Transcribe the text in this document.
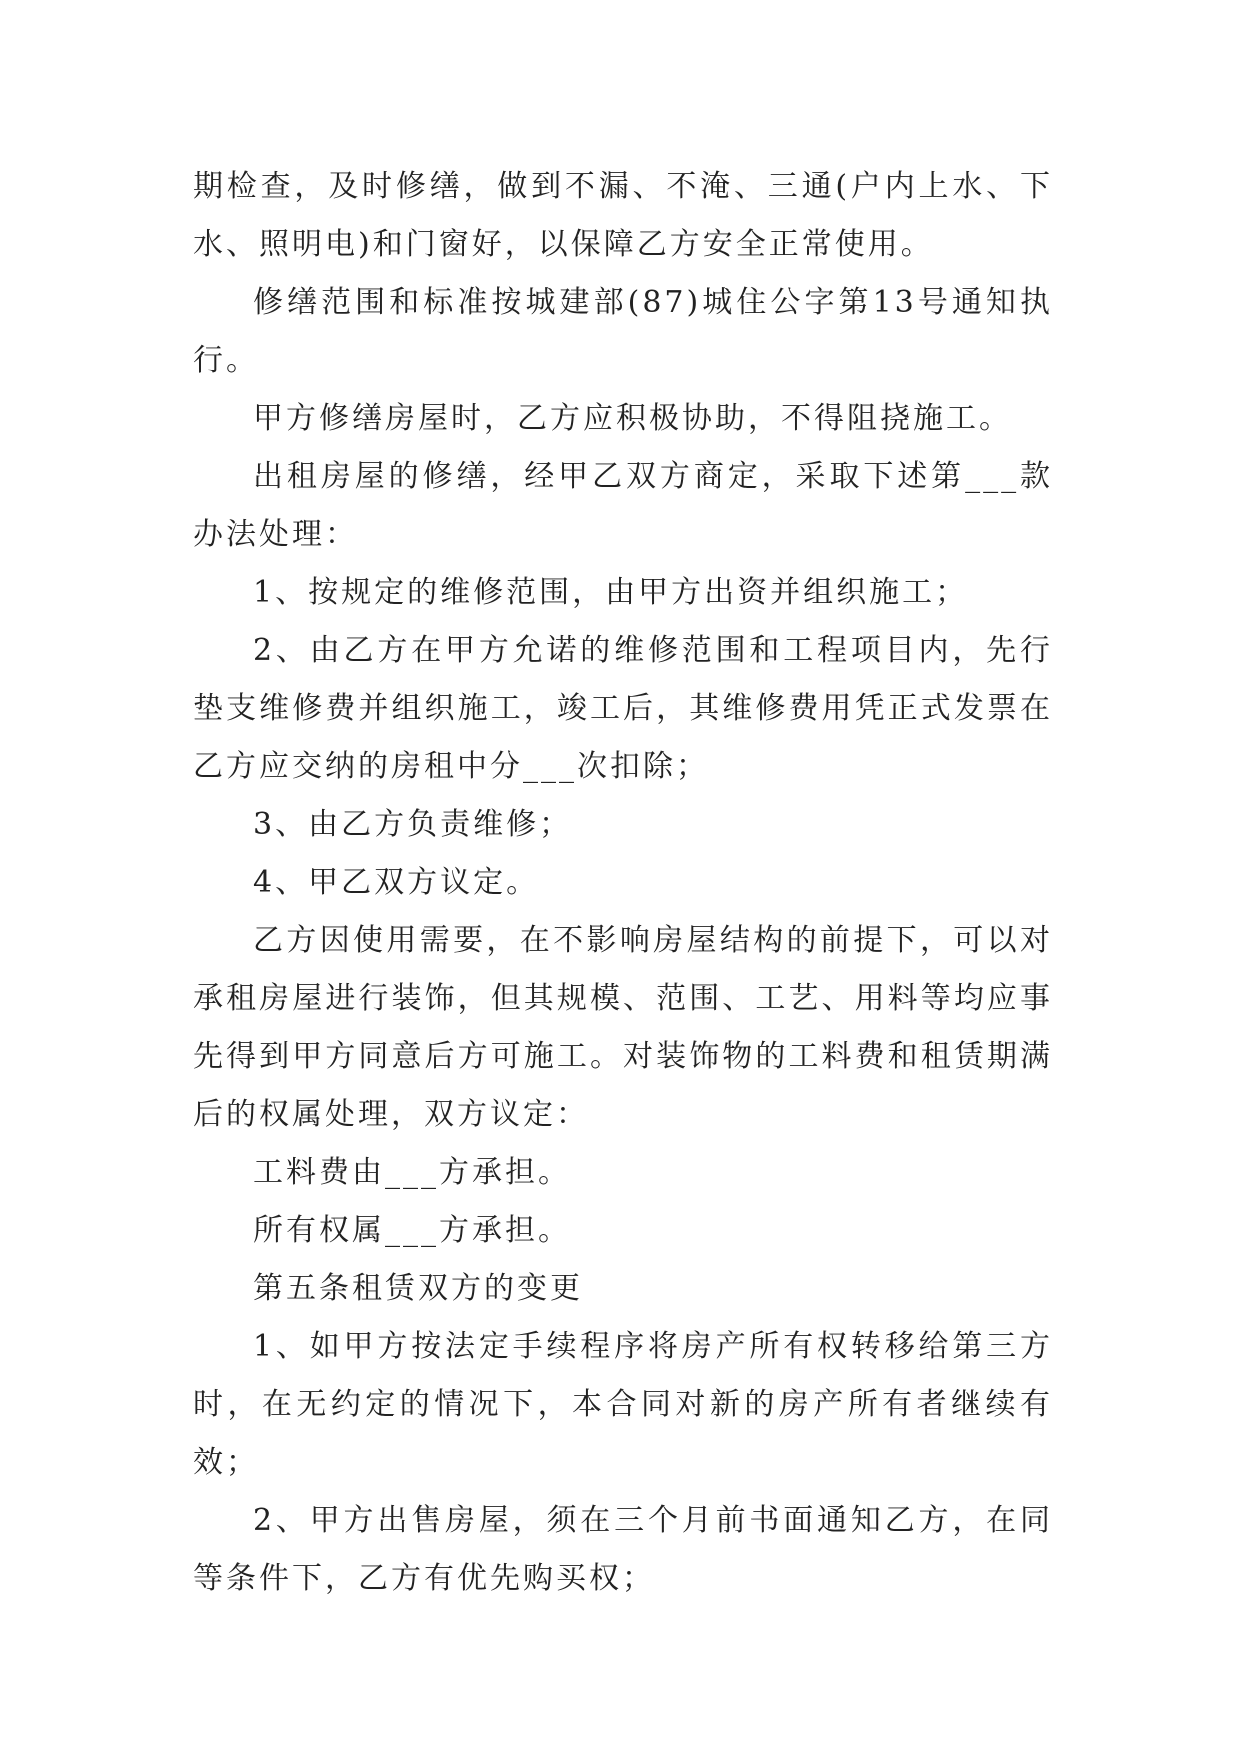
期检查，及时修缮，做到不漏、不淹、三通(户内上水、下水、照明电)和门窗好，以保障乙方安全正常使用。

修缮范围和标准按城建部(87)城住公字第13号通知执行。

甲方修缮房屋时，乙方应积极协助，不得阻挠施工。

出租房屋的修缮，经甲乙双方商定，采取下述第___款办法处理：

1、按规定的维修范围，由甲方出资并组织施工；

2、由乙方在甲方允诺的维修范围和工程项目内，先行垫支维修费并组织施工，竣工后，其维修费用凭正式发票在乙方应交纳的房租中分___次扣除；

3、由乙方负责维修；

4、甲乙双方议定。

乙方因使用需要，在不影响房屋结构的前提下，可以对承租房屋进行装饰，但其规模、范围、工艺、用料等均应事先得到甲方同意后方可施工。对装饰物的工料费和租赁期满后的权属处理，双方议定：

工料费由___方承担。

所有权属___方承担。

第五条租赁双方的变更

1、如甲方按法定手续程序将房产所有权转移给第三方时，在无约定的情况下，本合同对新的房产所有者继续有效；

2、甲方出售房屋，须在三个月前书面通知乙方，在同等条件下，乙方有优先购买权；
